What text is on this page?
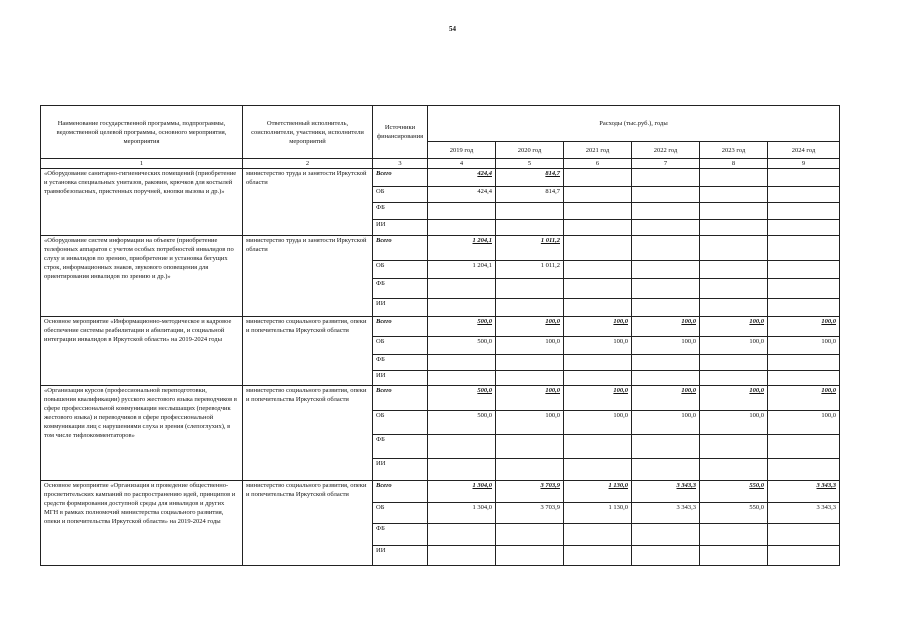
54
Наименование государственной программы, подпрограммы, ведомственной целевой программы, основного мероприятия, мероприятия	Ответственный исполнитель, соисполнители, участники, исполнители мероприятий	Источники финансирования	Расходы (тыс.руб.), годы					
			2019 год	2020 год	2021 год	2022 год	2023 год	2024 год
1	2	3	4	5	6	7	8	9
«Оборудование санитарно-гигиенических помещений (приобретение и установка специальных унитазов, раковин, крючков для костылей травмобезопасных, пристенных поручней, кнопки вызова и др.)»	министерство труда и занятости Иркутской области	Всего	424,4	814,7				
		ОБ	424,4	814,7				
		ФБ						
		ИИ						
«Оборудование систем информации на объекте (приобретение телефонных аппаратов с учетом особых потребностей инвалидов по слуху и инвалидов по зрению, приобретение и установка бегущих строк, информационных знаков, звукового оповещения для ориентирования инвалидов по зрению и др.)»	министерство труда и занятости Иркутской области	Всего	1 204,1	1 011,2				
		ОБ	1 204,1	1 011,2				
		ФБ						
		ИИ						
Основное мероприятие «Информационно-методическое и кадровое обеспечение системы реабилитации и абилитации, и социальной интеграции инвалидов в Иркутской области» на 2019-2024 годы	министерство социального развития, опеки и попечительства Иркутской области	Всего	500,0	100,0	100,0	100,0	100,0	100,0
		ОБ	500,0	100,0	100,0	100,0	100,0	100,0
		ФБ						
		ИИ						
«Организация курсов (профессиональной переподготовки, повышения квалификации) русского жестового языка переводчиков в сфере профессиональной коммуникации неслышащих (переводчик жестового языка) и переводчиков в сфере профессиональной коммуникации лиц с нарушениями слуха и зрения (слепоглухих), в том числе тифлокомментаторов»	министерство социального развития, опеки и попечительства Иркутской области	Всего	500,0	100,0	100,0	100,0	100,0	100,0
		ОБ	500,0	100,0	100,0	100,0	100,0	100,0
		ФБ						
		ИИ						
Основное мероприятие «Организация и проведение общественно-просветительских кампаний по распространению идей, принципов и средств формирования доступной среды для инвалидов и других МГН в рамках полномочий министерства социального развития, опеки и попечительства Иркутской области» на 2019-2024 годы	министерство социального развития, опеки и попечительства Иркутской области	Всего	1 304,0	3 703,9	1 130,0	3 343,3	550,0	3 343,3
		ОБ	1 304,0	3 703,9	1 130,0	3 343,3	550,0	3 343,3
		ФБ						
		ИИ						
